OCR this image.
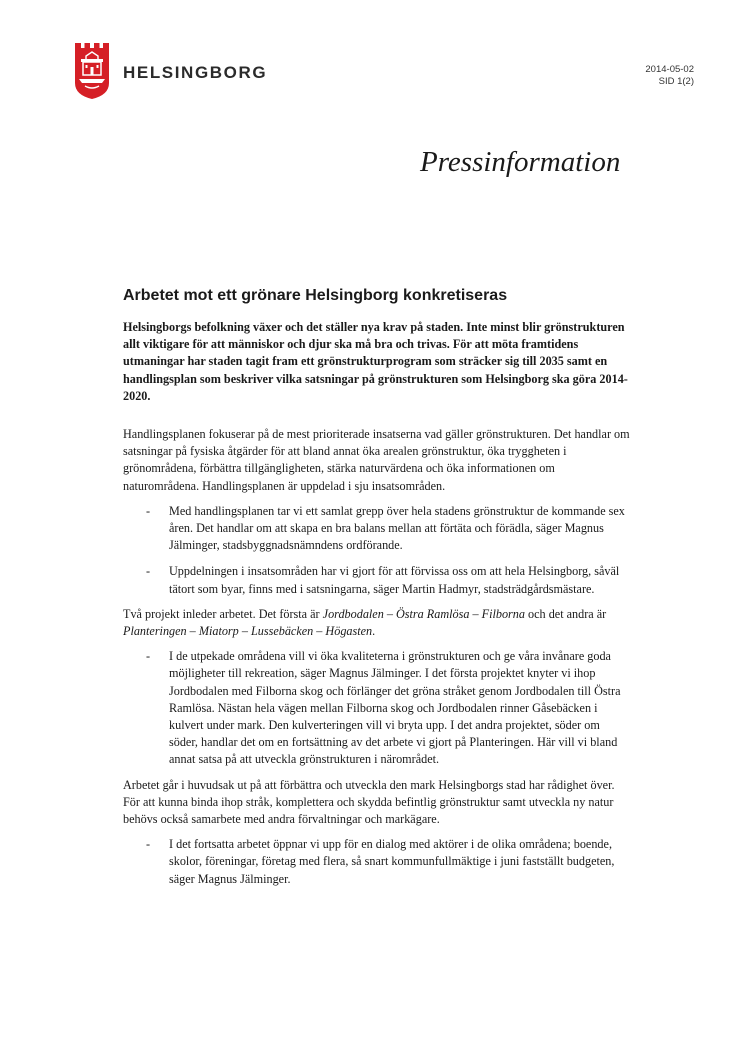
HELSINGBORG	2014-05-02
SID 1(2)
Pressinformation
Arbetet mot ett grönare Helsingborg konkretiseras

Helsingborgs befolkning växer och det ställer nya krav på staden. Inte minst blir grönstrukturen allt viktigare för att människor och djur ska må bra och trivas. För att möta framtidens utmaningar har staden tagit fram ett grönstrukturprogram som sträcker sig till 2035 samt en handlingsplan som beskriver vilka satsningar på grönstrukturen som Helsingborg ska göra 2014-2020.

Handlingsplanen fokuserar på de mest prioriterade insatserna vad gäller grönstrukturen. Det handlar om satsningar på fysiska åtgärder för att bland annat öka arealen grönstruktur, öka tryggheten i grönområdena, förbättra tillgängligheten, stärka naturvärdena och öka informationen om naturområdena. Handlingsplanen är uppdelad i sju insatsområden.

- Med handlingsplanen tar vi ett samlat grepp över hela stadens grönstruktur de kommande sex åren. Det handlar om att skapa en bra balans mellan att förtäta och förädla, säger Magnus Jälminger, stadsbyggnadsnämndens ordförande.

- Uppdelningen i insatsområden har vi gjort för att förvissa oss om att hela Helsingborg, såväl tätort som byar, finns med i satsningarna, säger Martin Hadmyr, stadsträdgårdsmästare.

Två projekt inleder arbetet. Det första är Jordbodalen – Östra Ramlösa – Filborna och det andra är Planteringen – Miatorp – Lussebäcken – Högasten.

- I de utpekade områdena vill vi öka kvaliteterna i grönstrukturen och ge våra invånare goda möjligheter till rekreation, säger Magnus Jälminger. I det första projektet knyter vi ihop Jordbodalen med Filborna skog och förlänger det gröna stråket genom Jordbodalen till Östra Ramlösa. Nästan hela vägen mellan Filborna skog och Jordbodalen rinner Gåsebäcken i kulvert under mark. Den kulverteringen vill vi bryta upp. I det andra projektet, söder om söder, handlar det om en fortsättning av det arbete vi gjort på Planteringen. Här vill vi bland annat satsa på att utveckla grönstrukturen i närområdet.

Arbetet går i huvudsak ut på att förbättra och utveckla den mark Helsingborgs stad har rådighet över. För att kunna binda ihop stråk, komplettera och skydda befintlig grönstruktur samt utveckla ny natur behövs också samarbete med andra förvaltningar och markägare.

- I det fortsatta arbetet öppnar vi upp för en dialog med aktörer i de olika områdena; boende, skolor, föreningar, företag med flera, så snart kommunfullmäktige i juni fastställt budgeten, säger Magnus Jälminger.
